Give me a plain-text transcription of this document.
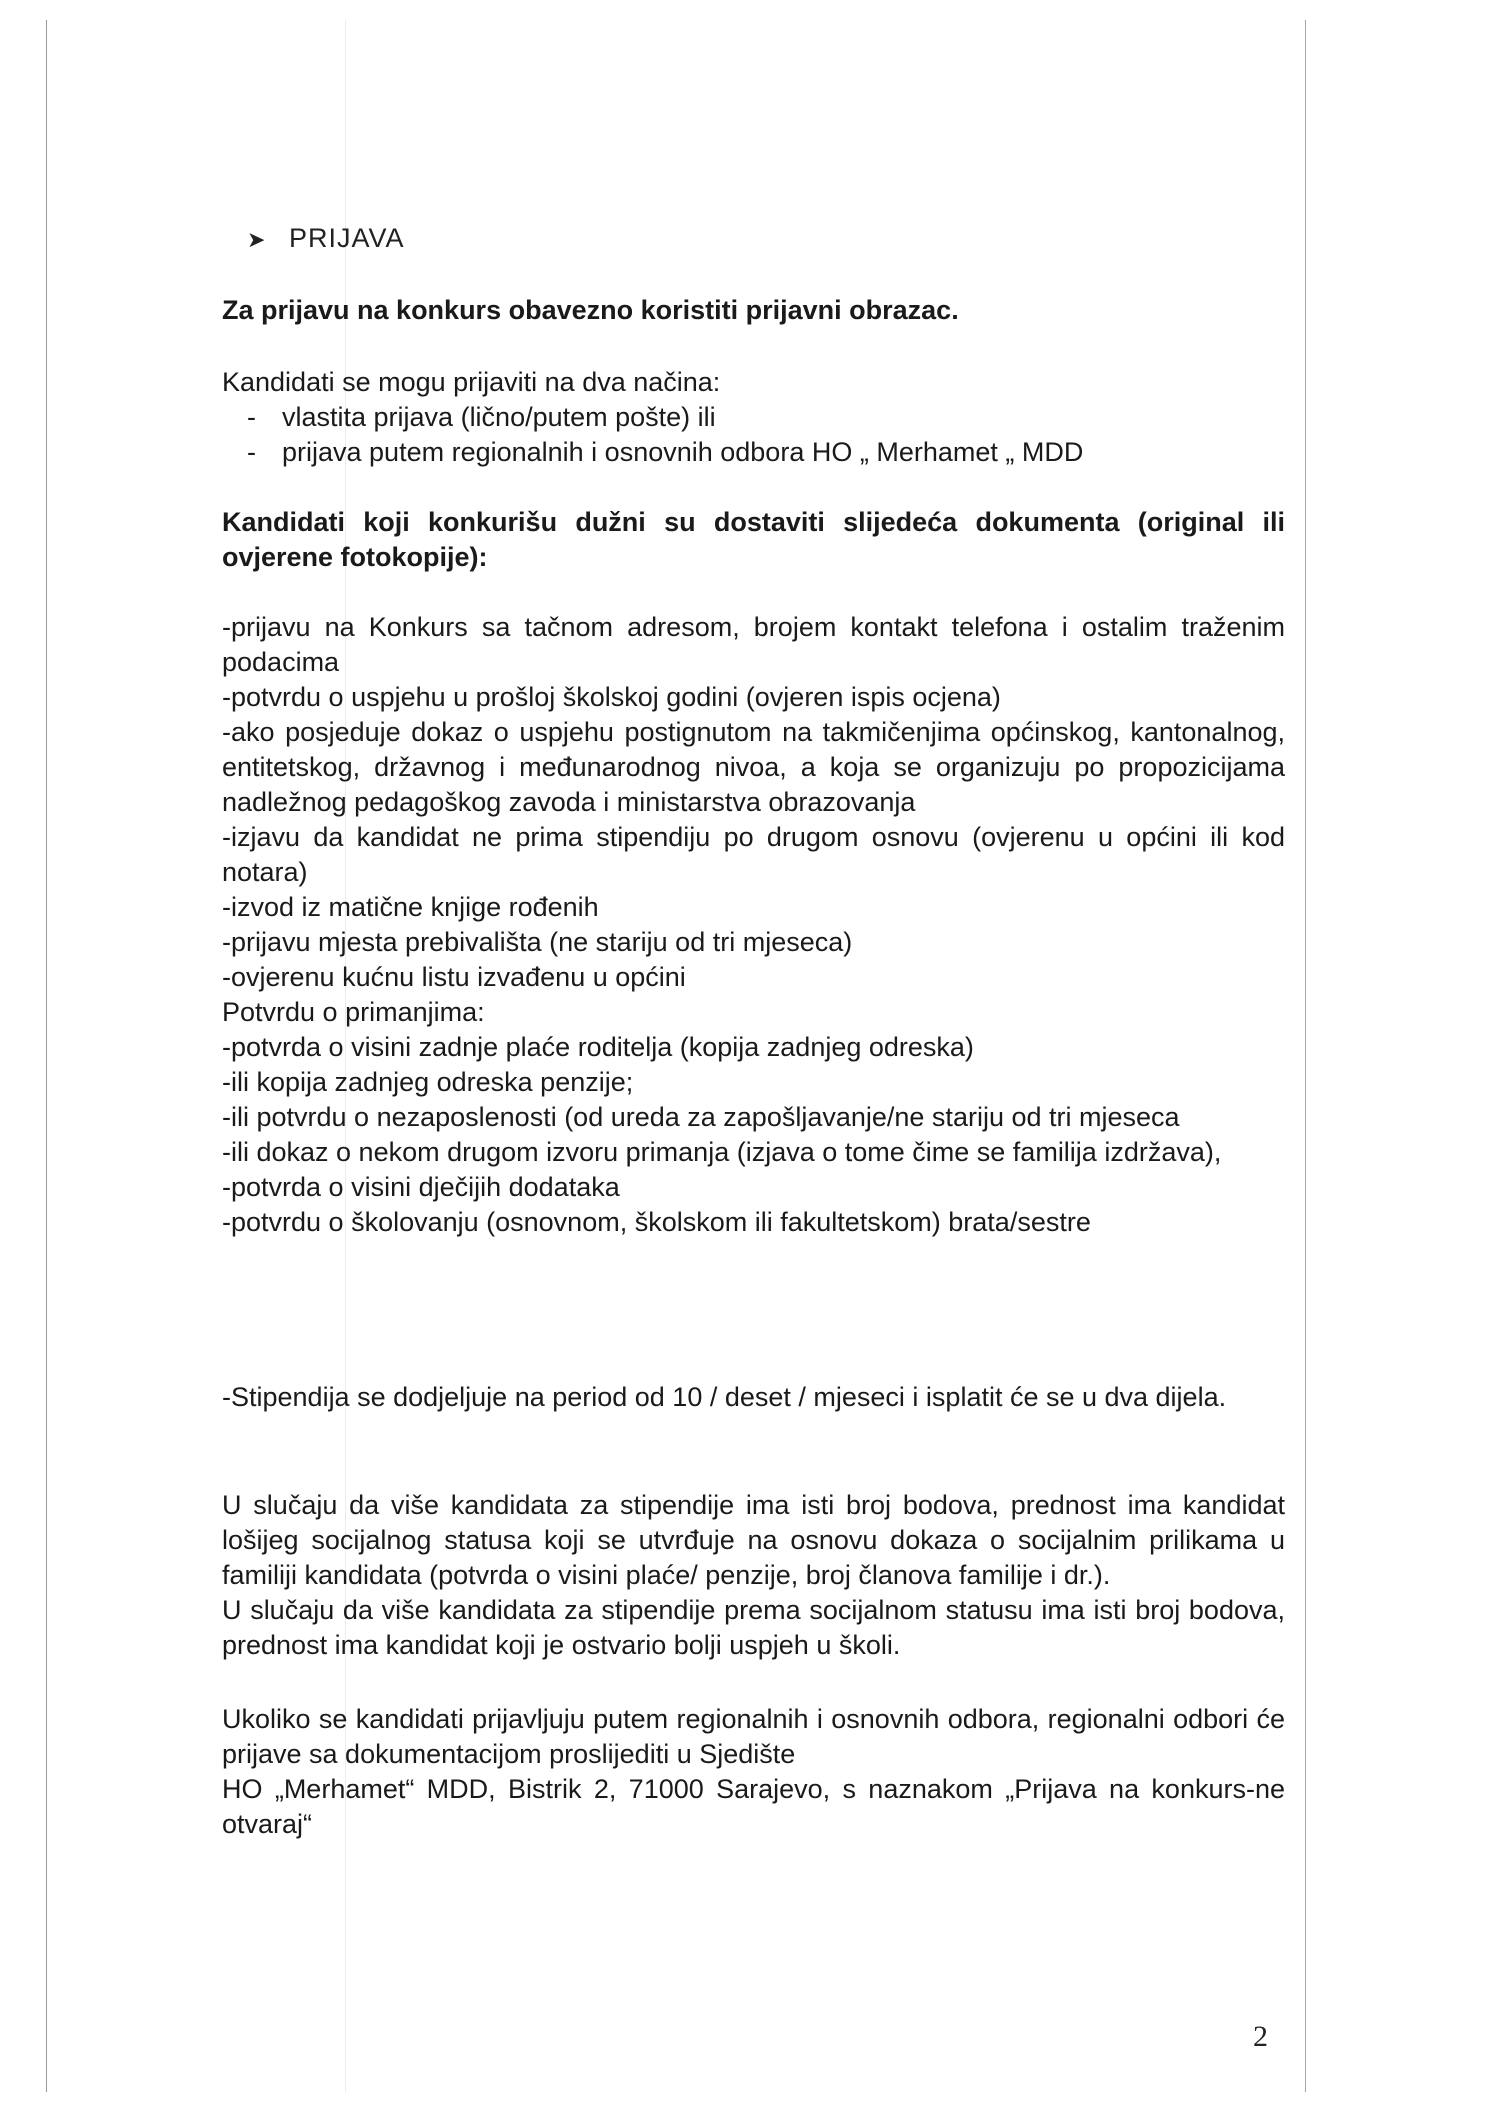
➤ PRIJAVA

Za prijavu na konkurs obavezno koristiti prijavni obrazac.

Kandidati se mogu prijaviti na dva načina:

- vlastita prijava (lično/putem pošte) ili
- prijava putem regionalnih i osnovnih odbora HO „ Merhamet „ MDD

Kandidati koji konkurišu dužni su dostaviti slijedeća dokumenta (original ili ovjerene fotokopije):

-prijavu na Konkurs sa tačnom adresom, brojem kontakt telefona i ostalim traženim podacima

-potvrdu o uspjehu u prošloj školskoj godini (ovjeren ispis ocjena)

-ako posjeduje dokaz o uspjehu postignutom na takmičenjima općinskog, kantonalnog, entitetskog, državnog i međunarodnog nivoa, a koja se organizuju po propozicijama nadležnog pedagoškog zavoda i ministarstva obrazovanja

-izjavu da kandidat ne prima stipendiju po drugom osnovu (ovjerenu u općini ili kod notara)

-izvod iz matične knjige rođenih

-prijavu mjesta prebivališta (ne stariju od tri mjeseca)

-ovjerenu kućnu listu izvađenu u općini

Potvrdu o primanjima:

-potvrda o visini zadnje plaće roditelja (kopija zadnjeg odreska)

-ili kopija zadnjeg odreska penzije;

-ili potvrdu o nezaposlenosti (od ureda za zapošljavanje/ne stariju od tri mjeseca

-ili dokaz o nekom drugom izvoru primanja (izjava o tome čime se familija izdržava),

-potvrda o visini dječijih dodataka

-potvrdu o školovanju (osnovnom, školskom ili fakultetskom) brata/sestre

-Stipendija se dodjeljuje na period od 10 / deset / mjeseci i isplatit će se u dva dijela.

U slučaju da više kandidata za stipendije ima isti broj bodova, prednost ima kandidat lošijeg socijalnog statusa koji se utvrđuje na osnovu dokaza o socijalnim prilikama u familiji kandidata (potvrda o visini plaće/ penzije, broj članova familije i dr.).

U slučaju da više kandidata za stipendije prema socijalnom statusu ima isti broj bodova, prednost ima kandidat koji je ostvario bolji uspjeh u školi.

Ukoliko se kandidati prijavljuju putem regionalnih i osnovnih odbora, regionalni odbori će prijave sa dokumentacijom proslijediti u Sjedište

HO „Merhamet“ MDD, Bistrik 2, 71000 Sarajevo, s naznakom „Prijava na konkurs-ne otvaraj“

2
